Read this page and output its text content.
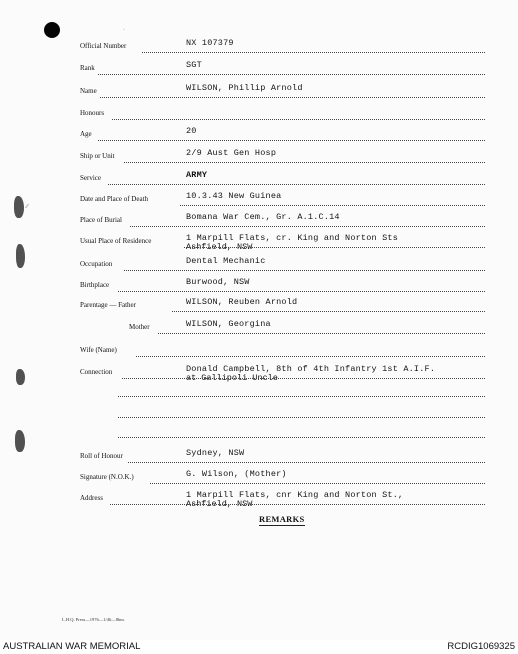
⁄⁄
·
Official Number	NX 107379
Rank	SGT
Name	WILSON, Phillip Arnold
Honours
Age	20
Ship or Unit	2/9 Aust Gen Hosp
Service	ARMY
Date and Place of Death	10.3.43 New Guinea
Place of Burial	Bomana War Cem., Gr. A.1.C.14
Usual Place of Residence	1 Marpill Flats, cr. King and Norton Sts
Ashfield, NSW
Occupation	Dental Mechanic
Birthplace	Burwood, NSW
Parentage — Father	WILSON, Reuben Arnold
Mother	WILSON, Georgina
Wife (Name)
Connection	Donald Campbell, 8th of 4th Infantry 1st A.I.F.
at Gallipoli Uncle
Roll of Honour	Sydney, NSW
Signature (N.O.K.)	G. Wilson, (Mother)
Address	1 Marpill Flats, cnr King and Norton St.,
Ashfield, NSW
REMARKS
L.H.Q. Press—1976—1/46—8hm.
AUSTRALIAN WAR MEMORIAL	RCDIG1069325
